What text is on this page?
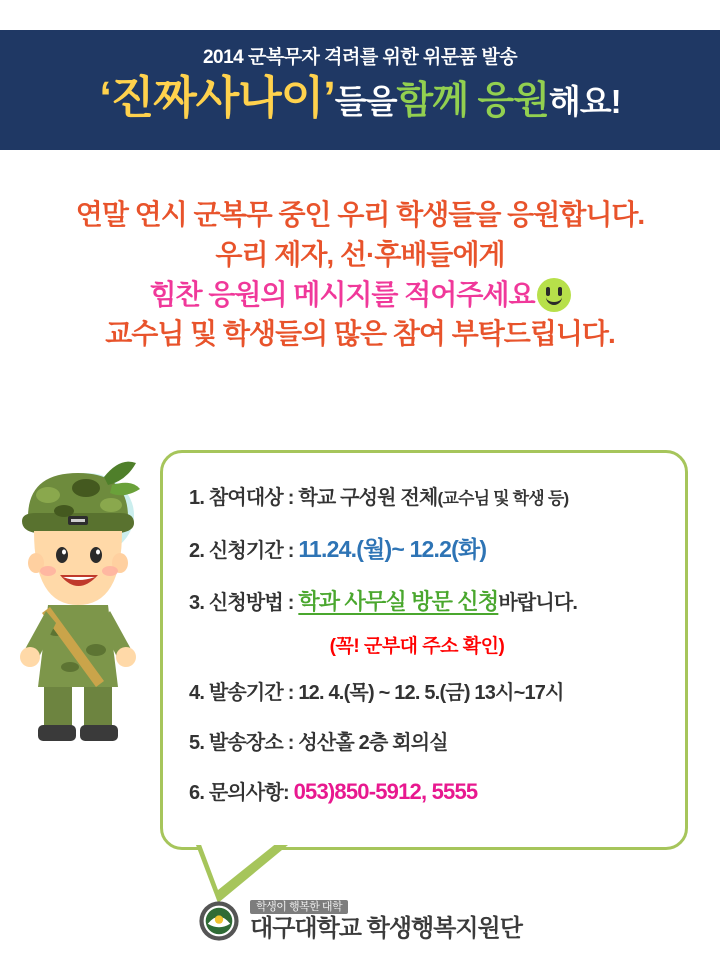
2014 군복무자 격려를 위한 위문품 발송
‘진짜사나이’들을함께 응원해요!
연말 연시 군복무 중인 우리 학생들을 응원합니다.
우리 제자, 선·후배들에게
힘찬 응원의 메시지를 적어주세요
교수님 및 학생들의 많은 참여 부탁드립니다.
1. 참여대상 : 학교 구성원 전체(교수님 및 학생 등)
2. 신청기간 : 11.24.(월)~ 12.2(화)
3. 신청방법 : 학과 사무실 방문 신청바랍니다.
(꼭! 군부대 주소 확인)
4. 발송기간 : 12. 4.(목) ~ 12. 5.(금) 13시~17시
5. 발송장소 : 성산홀 2층 회의실
6. 문의사항: 053)850-5912, 5555
학생이 행복한 대학
대구대학교 학생행복지원단
